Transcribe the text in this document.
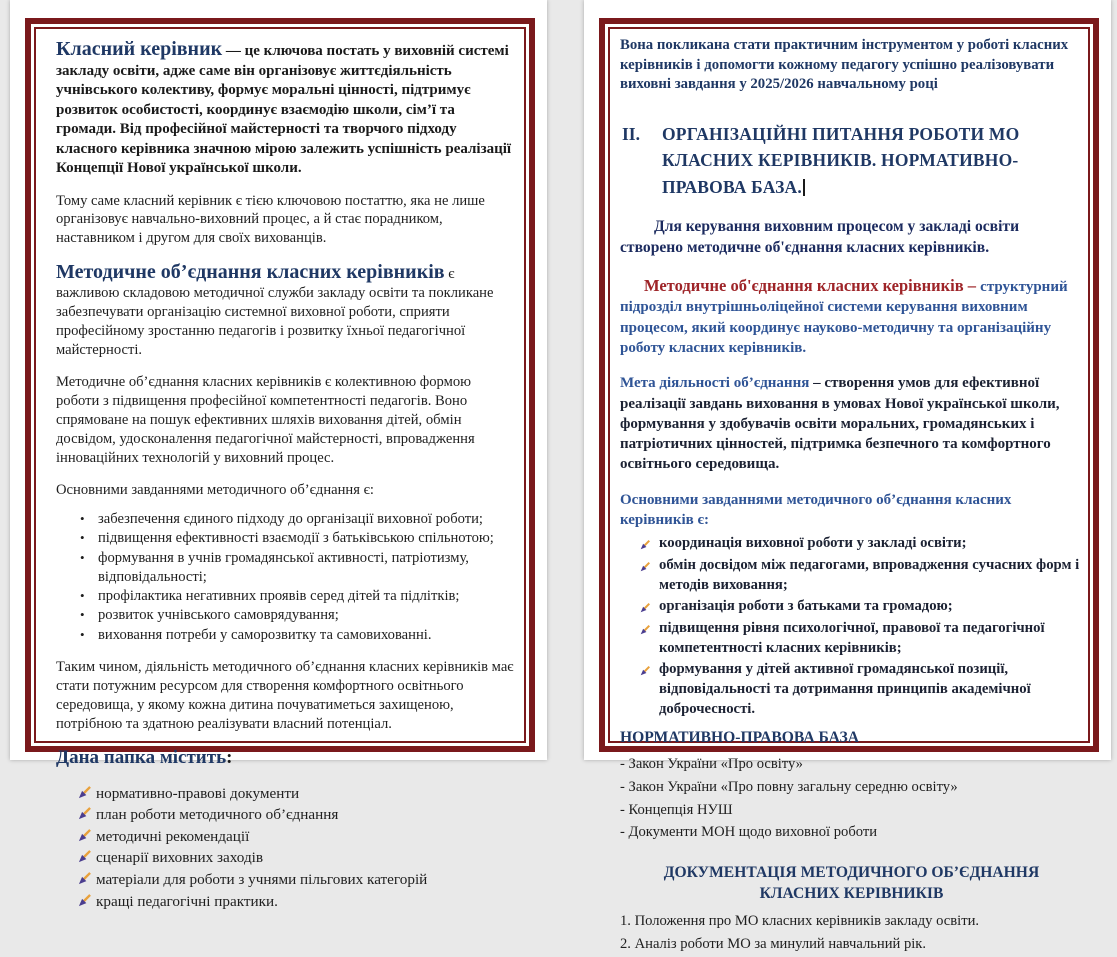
Класний керівник — це ключова постать у виховній системі закладу освіти, адже саме він організовує життєдіяльність учнівського колективу, формує моральні цінності, підтримує розвиток особистості, координує взаємодію школи, сім’ї та громади. Від професійної майстерності та творчого підходу класного керівника значною мірою залежить успішність реалізації Концепції Нової української школи.

Тому саме класний керівник є тією ключовою постаттю, яка не лише організовує навчально-виховний процес, а й стає порадником, наставником і другом для своїх вихованців.

Методичне об’єднання класних керівників є важливою складовою методичної служби закладу освіти та покликане забезпечувати організацію системної виховної роботи, сприяти професійному зростанню педагогів і розвитку їхньої педагогічної майстерності.

Методичне об’єднання класних керівників є колективною формою роботи з підвищення професійної компетентності педагогів. Воно спрямоване на пошук ефективних шляхів виховання дітей, обмін досвідом, удосконалення педагогічної майстерності, впровадження інноваційних технологій у виховний процес.

Основними завданнями методичного об’єднання є:

• забезпечення єдиного підходу до організації виховної роботи;
• підвищення ефективності взаємодії з батьківською спільнотою;
• формування в учнів громадянської активності, патріотизму, відповідальності;
• профілактика негативних проявів серед дітей та підлітків;
• розвиток учнівського самоврядування;
• виховання потреби у саморозвитку та самовихованні.

Таким чином, діяльність методичного об’єднання класних керівників має стати потужним ресурсом для створення комфортного освітнього середовища, у якому кожна дитина почуватиметься захищеною, потрібною та здатною реалізувати власний потенціал.

Дана папка містить:
нормативно-правові документи
план роботи методичного об’єднання
методичні рекомендації
сценарії виховних заходів
матеріали для роботи з учнями пільгових категорій
кращі педагогічні практики.

Вона покликана стати практичним інструментом у роботі класних керівників і допомогти кожному педагогу успішно реалізовувати виховні завдання у 2025/2026 навчальному році

ІІ.	ОРГАНІЗАЦІЙНІ ПИТАННЯ РОБОТИ МО КЛАСНИХ КЕРІВНИКІВ. НОРМАТИВНО-ПРАВОВА БАЗА.

Для керування виховним процесом у закладі освіти створено методичне об'єднання класних керівників.

Методичне об'єднання класних керівників – структурний підрозділ внутрішньоліцейної системи керування виховним процесом, який координує науково-методичну та організаційну роботу класних керівників.

Мета діяльності об’єднання – створення умов для ефективної реалізації завдань виховання в умовах Нової української школи, формування у здобувачів освіти моральних, громадянських і патріотичних цінностей, підтримка безпечного та комфортного освітнього середовища.

Основними завданнями методичного об’єднання класних керівників є:

координація виховної роботи у закладі освіти;
обмін досвідом між педагогами, впровадження сучасних форм і методів виховання;
організація роботи з батьками та громадою;
підвищення рівня психологічної, правової та педагогічної компетентності класних керівників;
формування у дітей активної громадянської позиції, відповідальності та дотримання принципів академічної доброчесності.
НОРМАТИВНО-ПРАВОВА БАЗА
- Закон України «Про освіту»
- Закон України «Про повну загальну середню освіту»
- Концепція НУШ
- Документи МОН щодо виховної роботи
ДОКУМЕНТАЦІЯ МЕТОДИЧНОГО ОБ’ЄДНАННЯ КЛАСНИХ КЕРІВНИКІВ
1. Положення про МО класних керівників закладу освіти.
2. Аналіз роботи МО за минулий навчальний рік.
